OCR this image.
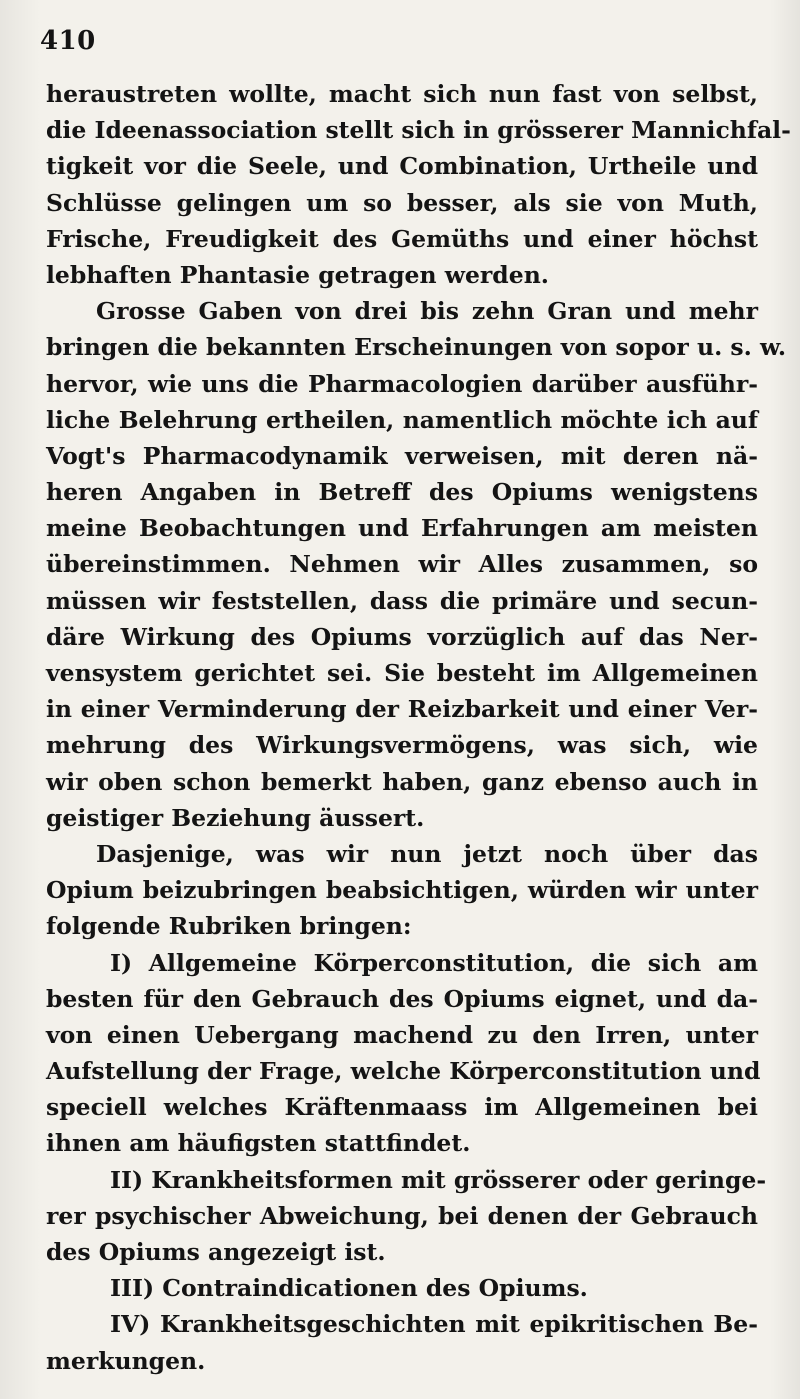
410
heraustreten wollte, macht sich nun fast von selbst,
die Ideenassociation stellt sich in grösserer Mannichfal-
tigkeit vor die Seele, und Combination, Urtheile und
Schlüsse gelingen um so besser, als sie von Muth,
Frische, Freudigkeit des Gemüths und einer höchst
lebhaften Phantasie getragen werden.
Grosse Gaben von drei bis zehn Gran und mehr
bringen die bekannten Erscheinungen von sopor u. s. w.
hervor, wie uns die Pharmacologien darüber ausführ-
liche Belehrung ertheilen, namentlich möchte ich auf
Vogt's Pharmacodynamik verweisen, mit deren nä-
heren Angaben in Betreff des Opiums wenigstens
meine Beobachtungen und Erfahrungen am meisten
übereinstimmen. Nehmen wir Alles zusammen, so
müssen wir feststellen, dass die primäre und secun-
däre Wirkung des Opiums vorzüglich auf das Ner-
vensystem gerichtet sei. Sie besteht im Allgemeinen
in einer Verminderung der Reizbarkeit und einer Ver-
mehrung des Wirkungsvermögens, was sich, wie
wir oben schon bemerkt haben, ganz ebenso auch in
geistiger Beziehung äussert.
Dasjenige, was wir nun jetzt noch über das
Opium beizubringen beabsichtigen, würden wir unter
folgende Rubriken bringen:
I) Allgemeine Körperconstitution, die sich am
besten für den Gebrauch des Opiums eignet, und da-
von einen Uebergang machend zu den Irren, unter
Aufstellung der Frage, welche Körperconstitution und
speciell welches Kräftenmaass im Allgemeinen bei
ihnen am häufigsten stattfindet.
II) Krankheitsformen mit grösserer oder geringe-
rer psychischer Abweichung, bei denen der Gebrauch
des Opiums angezeigt ist.
III) Contraindicationen des Opiums.
IV) Krankheitsgeschichten mit epikritischen Be-
merkungen.
